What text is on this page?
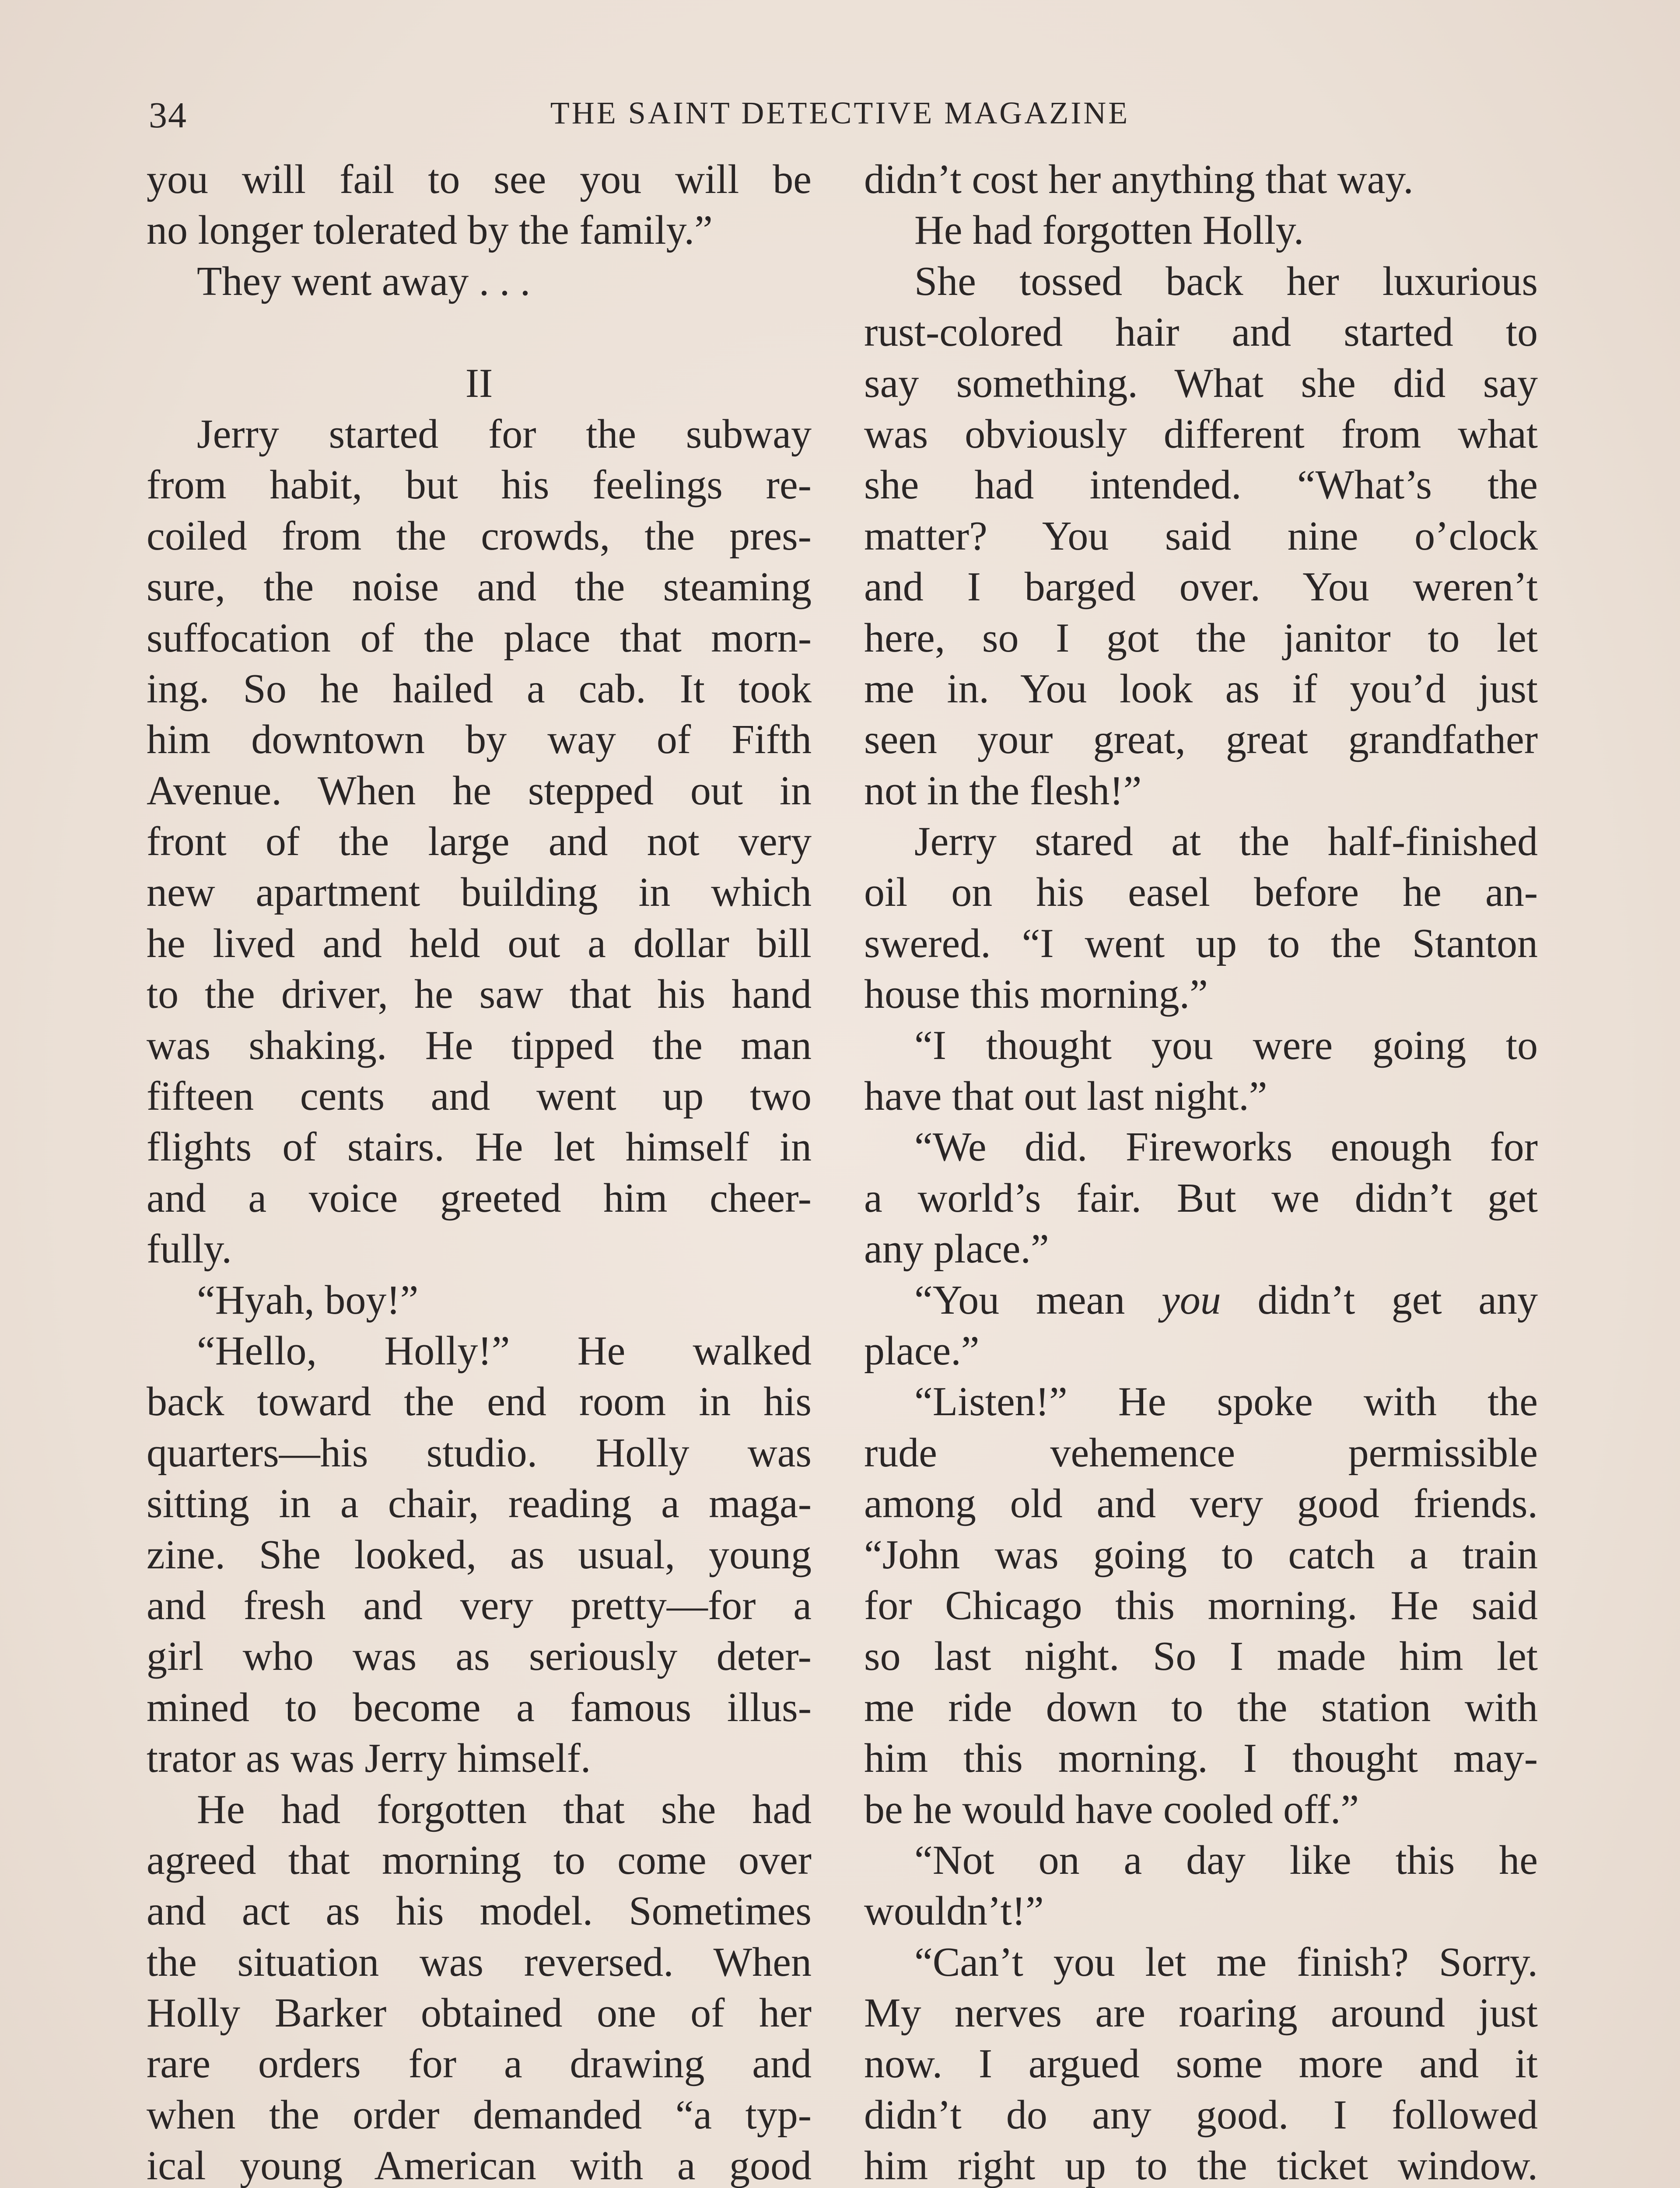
34	THE SAINT DETECTIVE MAGAZINE
you will fail to see you will be
no longer tolerated by the family.”
They went away . . .

II
Jerry started for the subway
from habit, but his feelings re-
coiled from the crowds, the pres-
sure, the noise and the steaming
suffocation of the place that morn-
ing. So he hailed a cab. It took
him downtown by way of Fifth
Avenue. When he stepped out in
front of the large and not very
new apartment building in which
he lived and held out a dollar bill
to the driver, he saw that his hand
was shaking. He tipped the man
fifteen cents and went up two
flights of stairs. He let himself in
and a voice greeted him cheer-
fully.
“Hyah, boy!”
“Hello, Holly!” He walked
back toward the end room in his
quarters—his studio. Holly was
sitting in a chair, reading a maga-
zine. She looked, as usual, young
and fresh and very pretty—for a
girl who was as seriously deter-
mined to become a famous illus-
trator as was Jerry himself.
He had forgotten that she had
agreed that morning to come over
and act as his model. Sometimes
the situation was reversed. When
Holly Barker obtained one of her
rare orders for a drawing and
when the order demanded “a typ-
ical young American with a good
didn’t cost her anything that way.
He had forgotten Holly.
She tossed back her luxurious
rust-colored hair and started to
say something. What she did say
was obviously different from what
she had intended. “What’s the
matter? You said nine o’clock
and I barged over. You weren’t
here, so I got the janitor to let
me in. You look as if you’d just
seen your great, great grandfather
not in the flesh!”
Jerry stared at the half-finished
oil on his easel before he an-
swered. “I went up to the Stanton
house this morning.”
“I thought you were going to
have that out last night.”
“We did. Fireworks enough for
a world’s fair. But we didn’t get
any place.”
“You mean you didn’t get any
place.”
“Listen!” He spoke with the
rude vehemence permissible
among old and very good friends.
“John was going to catch a train
for Chicago this morning. He said
so last night. So I made him let
me ride down to the station with
him this morning. I thought may-
be he would have cooled off.”
“Not on a day like this he
wouldn’t!”
“Can’t you let me finish? Sorry.
My nerves are roaring around just
now. I argued some more and it
didn’t do any good. I followed
him right up to the ticket window.
